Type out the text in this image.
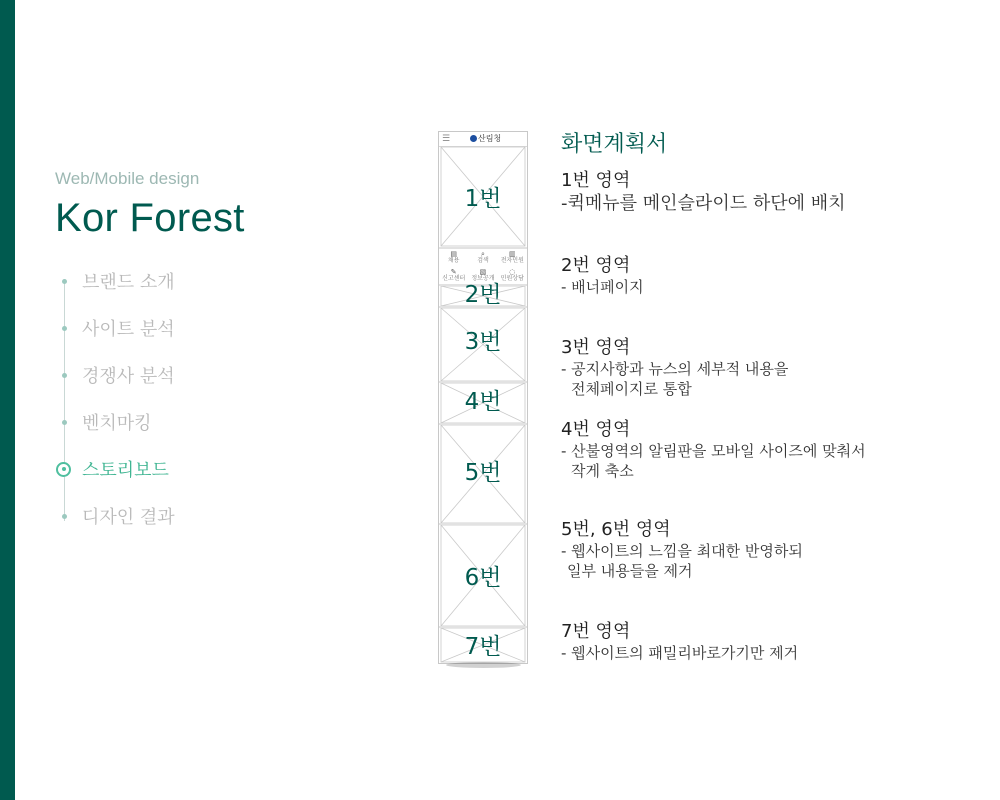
Web/Mobile design
Kor Forest
브랜드 소개
사이트 분석
경쟁사 분석
벤치마킹
스토리보드
디자인 결과
☰	산림청
▤
채용
⌕
검색
▥
전자민원
✎
신고센터
▧
정보공개
◌
민원상담
1번
2번
3번
4번
5번
6번
7번
화면계획서
1번 영역
-퀵메뉴를 메인슬라이드 하단에 배치
2번 영역
- 배너페이지
3번 영역
- 공지사항과 뉴스의 세부적 내용을
전체페이지로 통합
4번 영역
- 산불영역의 알림판을 모바일 사이즈에 맞춰서
작게 축소
5번, 6번 영역
- 웹사이트의 느낌을 최대한 반영하되
일부 내용들을 제거
7번 영역
- 웹사이트의 패밀리바로가기만 제거
